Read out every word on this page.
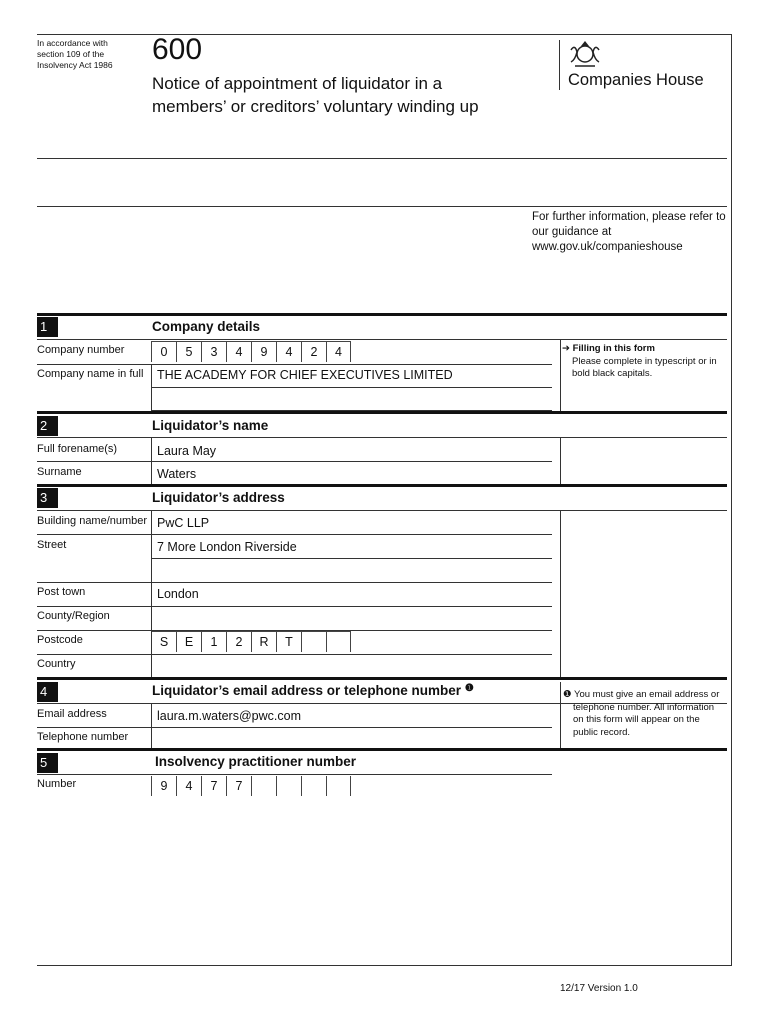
In accordance with
section 109 of the
Insolvency Act 1986	600
Notice of appointment of liquidator in a
members’ or creditors’ voluntary winding up
Companies House
For further information, please refer to
our guidance at
www.gov.uk/companieshouse
1	Company details
Company number	0	5	3	4	9	4	2	4
Company name in full THE ACADEMY FOR CHIEF EXECUTIVES LIMITED
➔ Filling in this form
Please complete in typescript or in
bold black capitals.
2	Liquidator’s name
Full forename(s)	Laura May
Surname	Waters
3	Liquidator’s address
Building name/number PwC LLP
Street	7 More London Riverside
Post town	London
County/Region
Postcode	S	E	1	2	R	T
Country
4	Liquidator’s email address or telephone number $^❶$
Email address	laura.m.waters@pwc.com
Telephone number
❶ You must give an email address or
telephone number. All information
on this form will appear on the
public record.
5	Insolvency practitioner number
Number	9	4	7	7
12/17 Version 1.0
